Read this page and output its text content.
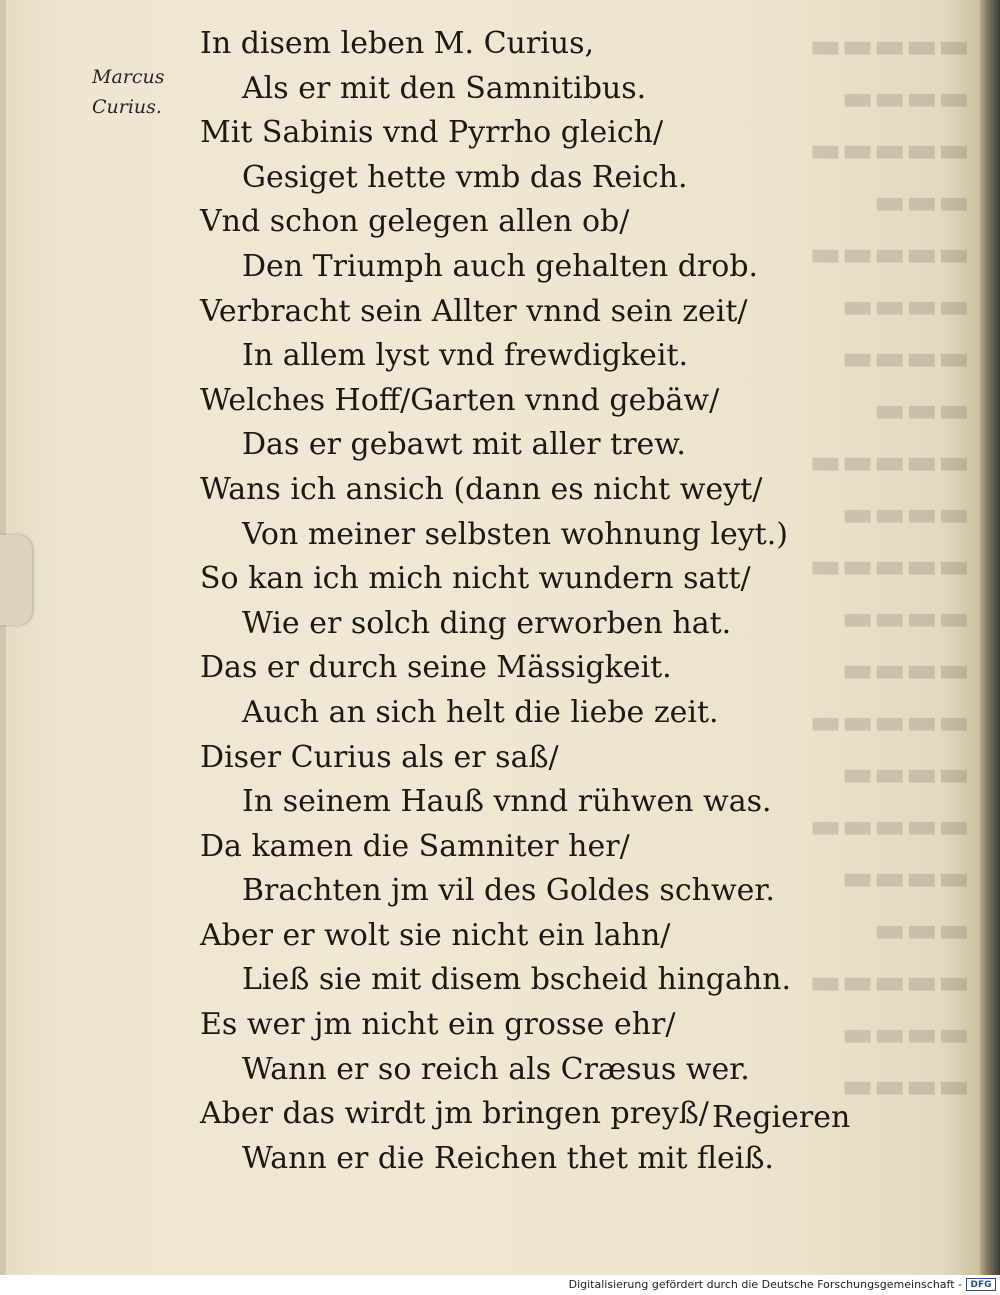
▬▬▬▬▬
▬▬▬▬
▬▬▬▬▬
▬▬▬
▬▬▬▬▬
▬▬▬▬
▬▬▬▬
▬▬▬
▬▬▬▬▬
▬▬▬▬
▬▬▬▬▬
▬▬▬▬
▬▬▬▬
▬▬▬▬▬
▬▬▬▬
▬▬▬▬▬
▬▬▬▬
▬▬▬
▬▬▬▬▬
▬▬▬▬
▬▬▬▬
Marcus
Curius.
In disem leben M. Curius,
Als er mit den Samnitibus.
Mit Sabinis vnd Pyrrho gleich/
Gesiget hette vmb das Reich.
Vnd schon gelegen allen ob/
Den Triumph auch gehalten drob.
Verbracht sein Allter vnnd sein zeit/
In allem lyst vnd frewdigkeit.
Welches Hoff/Garten vnnd gebäw/
Das er gebawt mit aller trew.
Wans ich ansich (dann es nicht weyt/
Von meiner selbsten wohnung leyt.)
So kan ich mich nicht wundern satt/
Wie er solch ding erworben hat.
Das er durch seine Mässigkeit.
Auch an sich helt die liebe zeit.
Diser Curius als er saß/
In seinem Hauß vnnd rühwen was.
Da kamen die Samniter her/
Brachten jm vil des Goldes schwer.
Aber er wolt sie nicht ein lahn/
Ließ sie mit disem bscheid hingahn.
Es wer jm nicht ein grosse ehr/
Wann er so reich als Cræsus wer.
Aber das wirdt jm bringen preyß/
Wann er die Reichen thet mit fleiß.
Regieren
Digitalisierung gefördert durch die Deutsche Forschungsgemeinschaft - DFG
